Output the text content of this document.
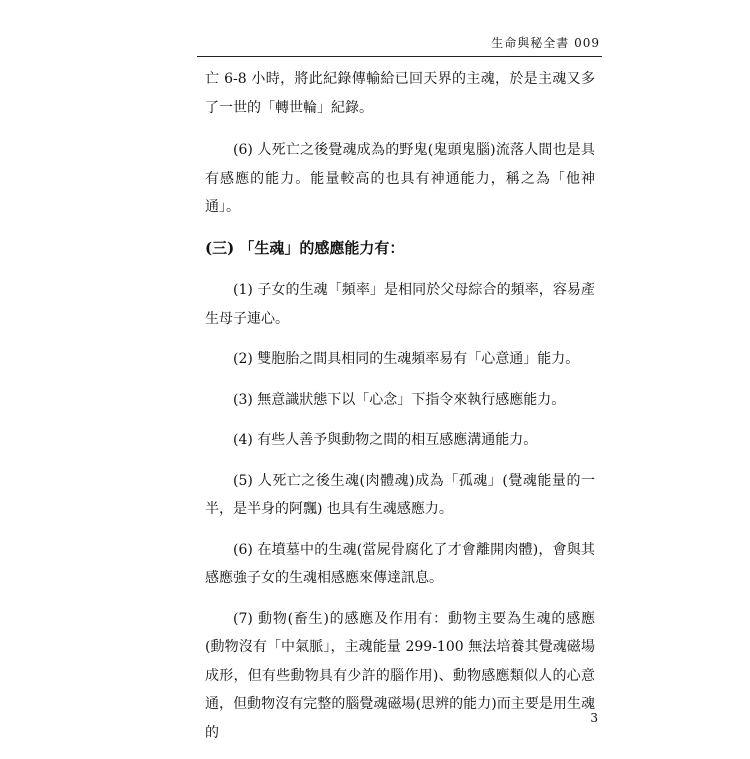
生命與秘全書 009

亡 6-8 小時，將此紀錄傳輸給已回天界的主魂，於是主魂又多了一世的「轉世輪」紀錄。

(6) 人死亡之後覺魂成為的野鬼(鬼頭鬼腦)流落人間也是具有感應的能力。能量較高的也具有神通能力，稱之為「他神通」。

(三) 「生魂」的感應能力有：

(1) 子女的生魂「頻率」是相同於父母綜合的頻率，容易產生母子連心。

(2) 雙胞胎之間具相同的生魂頻率易有「心意通」能力。

(3) 無意識狀態下以「心念」下指令來執行感應能力。

(4) 有些人善予與動物之間的相互感應溝通能力。

(5) 人死亡之後生魂(肉體魂)成為「孤魂」(覺魂能量的一半，是半身的阿飄) 也具有生魂感應力。

(6) 在墳墓中的生魂(當屍骨腐化了才會離開肉體)，會與其感應強子女的生魂相感應來傳達訊息。

(7) 動物(畜生)的感應及作用有：動物主要為生魂的感應(動物沒有「中氣脈」，主魂能量 299-100 無法培養其覺魂磁場成形，但有些動物具有少許的腦作用)、動物感應類似人的心意通，但動物沒有完整的腦覺魂磁場(思辨的能力)而主要是用生魂的

3
